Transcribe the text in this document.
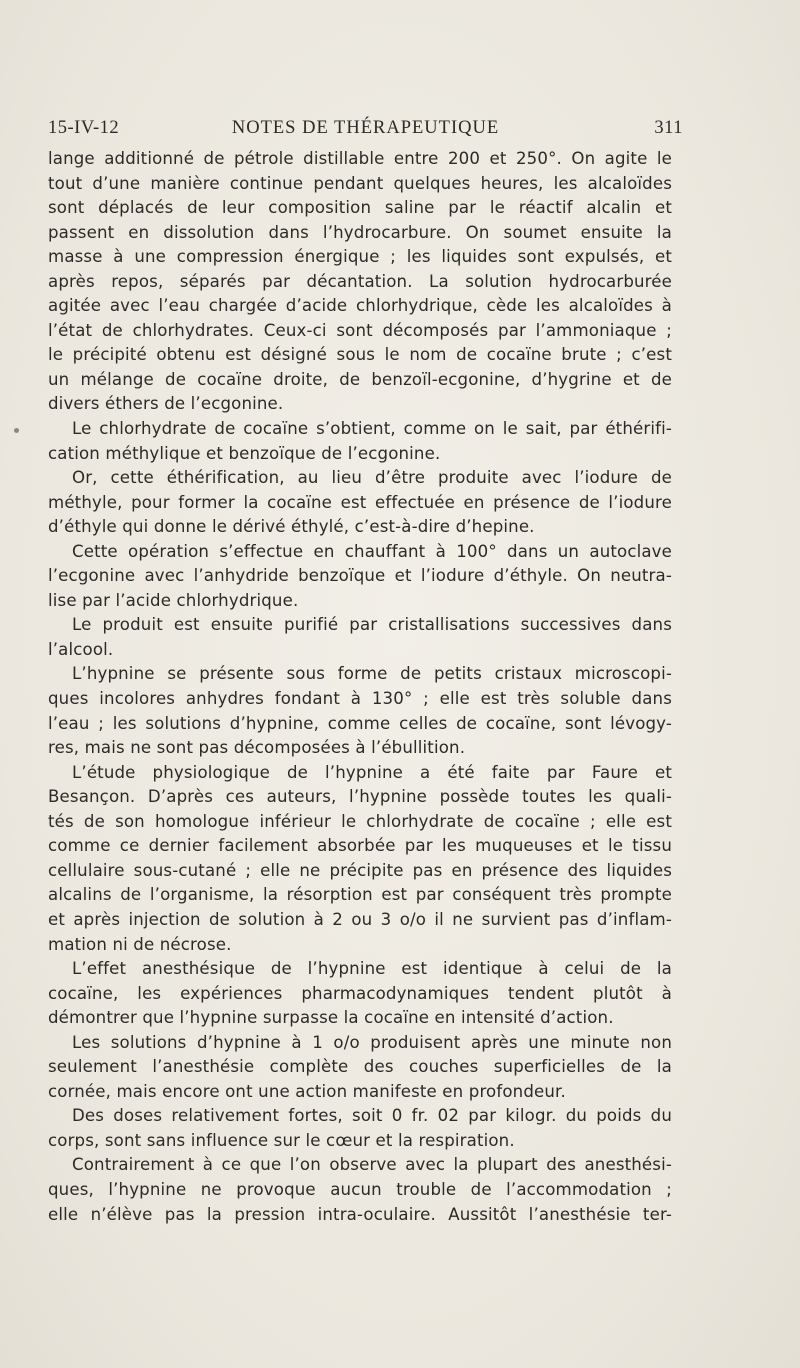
15-IV-12	NOTES DE THÉRAPEUTIQUE	311
lange additionné de pétrole distillable entre 200 et 250°. On agite le
tout d’une manière continue pendant quelques heures, les alcaloïdes
sont déplacés de leur composition saline par le réactif alcalin et
passent en dissolution dans l’hydrocarbure. On soumet ensuite la
masse à une compression énergique ; les liquides sont expulsés, et
après repos, séparés par décantation. La solution hydrocarburée
agitée avec l’eau chargée d’acide chlorhydrique, cède les alcaloïdes à
l’état de chlorhydrates. Ceux-ci sont décomposés par l’ammoniaque ;
le précipité obtenu est désigné sous le nom de cocaïne brute ; c’est
un mélange de cocaïne droite, de benzoïl-ecgonine, d’hygrine et de
divers éthers de l’ecgonine.
Le chlorhydrate de cocaïne s’obtient, comme on le sait, par éthérifi-
cation méthylique et benzoïque de l’ecgonine.
Or, cette éthérification, au lieu d’être produite avec l’iodure de
méthyle, pour former la cocaïne est effectuée en présence de l’iodure
d’éthyle qui donne le dérivé éthylé, c’est-à-dire d’hepine.
Cette opération s’effectue en chauffant à 100° dans un autoclave
l’ecgonine avec l’anhydride benzoïque et l’iodure d’éthyle. On neutra-
lise par l’acide chlorhydrique.
Le produit est ensuite purifié par cristallisations successives dans
l’alcool.
L’hypnine se présente sous forme de petits cristaux microscopi-
ques incolores anhydres fondant à 130° ; elle est très soluble dans
l’eau ; les solutions d’hypnine, comme celles de cocaïne, sont lévogy-
res, mais ne sont pas décomposées à l’ébullition.
L’étude physiologique de l’hypnine a été faite par Faure et
Besançon. D’après ces auteurs, l’hypnine possède toutes les quali-
tés de son homologue inférieur le chlorhydrate de cocaïne ; elle est
comme ce dernier facilement absorbée par les muqueuses et le tissu
cellulaire sous-cutané ; elle ne précipite pas en présence des liquides
alcalins de l’organisme, la résorption est par conséquent très prompte
et après injection de solution à 2 ou 3 o/o il ne survient pas d’inflam-
mation ni de nécrose.
L’effet anesthésique de l’hypnine est identique à celui de la
cocaïne, les expériences pharmacodynamiques tendent plutôt à
démontrer que l’hypnine surpasse la cocaïne en intensité d’action.
Les solutions d’hypnine à 1 o/o produisent après une minute non
seulement l’anesthésie complète des couches superficielles de la
cornée, mais encore ont une action manifeste en profondeur.
Des doses relativement fortes, soit 0 fr. 02 par kilogr. du poids du
corps, sont sans influence sur le cœur et la respiration.
Contrairement à ce que l’on observe avec la plupart des anesthési-
ques, l’hypnine ne provoque aucun trouble de l’accommodation ;
elle n’élève pas la pression intra-oculaire. Aussitôt l’anesthésie ter-
